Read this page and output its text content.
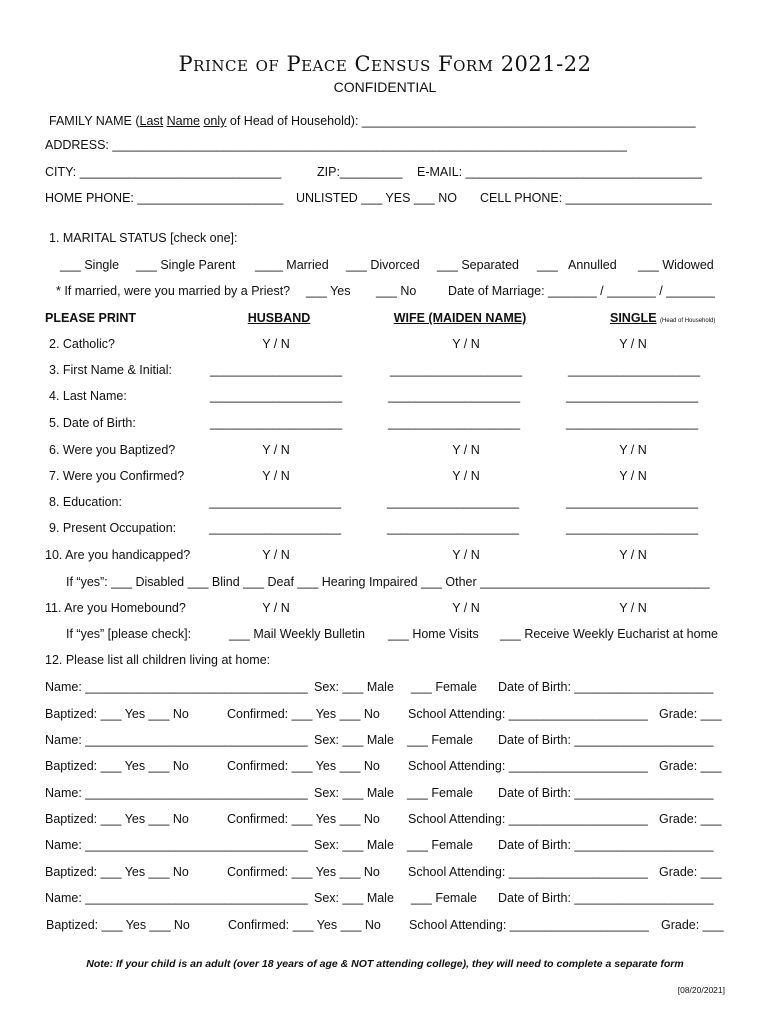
Prince of Peace Census Form 2021-22
CONFIDENTIAL
FAMILY NAME (Last Name only of Head of Household): ________________________________________________
ADDRESS: __________________________________________________________________________
CITY: _____________________________	ZIP:_________ E-MAIL: __________________________________
HOME PHONE: _____________________ UNLISTED ___ YES ___ NO CELL PHONE: _____________________
1. MARITAL STATUS [check one]:
___ Single ___ Single Parent ____ Married ___ Divorced ___ Separated ___ Annulled ___ Widowed
* If married, were you married by a Priest? ___ Yes ___ No	Date of Marriage: _______ / _______ / _______
PLEASE PRINT	HUSBAND	WIFE (MAIDEN NAME)	SINGLE (Head of Household)
2. Catholic?	Y / N	Y / N	Y / N
3. First Name & Initial:	___________________	___________________	___________________
4. Last Name:	___________________	___________________	___________________
5. Date of Birth:	___________________	___________________	___________________
6. Were you Baptized?	Y / N	Y / N	Y / N
7. Were you Confirmed?	Y / N	Y / N	Y / N
8. Education:	___________________	___________________	___________________
9. Present Occupation:	___________________	___________________	___________________
10. Are you handicapped?	Y / N	Y / N	Y / N
If “yes”: ___ Disabled ___ Blind ___ Deaf ___ Hearing Impaired ___ Other _________________________________
11. Are you Homebound?	Y / N	Y / N	Y / N
If “yes” [please check]:	___ Mail Weekly Bulletin ___ Home Visits ___ Receive Weekly Eucharist at home
12. Please list all children living at home:
Name: ________________________________ Sex: ___ Male ___ Female Date of Birth: ____________________
Baptized: ___ Yes ___ No	Confirmed: ___ Yes ___ No School Attending: ____________________ Grade: ___
Name: ________________________________ Sex: ___ Male ___ Female Date of Birth: ____________________
Baptized: ___ Yes ___ No	Confirmed: ___ Yes ___ No School Attending: ____________________ Grade: ___
Name: ________________________________ Sex: ___ Male ___ Female Date of Birth: ____________________
Baptized: ___ Yes ___ No	Confirmed: ___ Yes ___ No School Attending: ____________________ Grade: ___
Name: ________________________________ Sex: ___ Male ___ Female Date of Birth: ____________________
Baptized: ___ Yes ___ No	Confirmed: ___ Yes ___ No School Attending: ____________________ Grade: ___
Name: ________________________________ Sex: ___ Male ___ Female Date of Birth: ____________________
Baptized: ___ Yes ___ No	Confirmed: ___ Yes ___ No School Attending: ____________________ Grade: ___
Note: If your child is an adult (over 18 years of age & NOT attending college), they will need to complete a separate form
[08/20/2021]
